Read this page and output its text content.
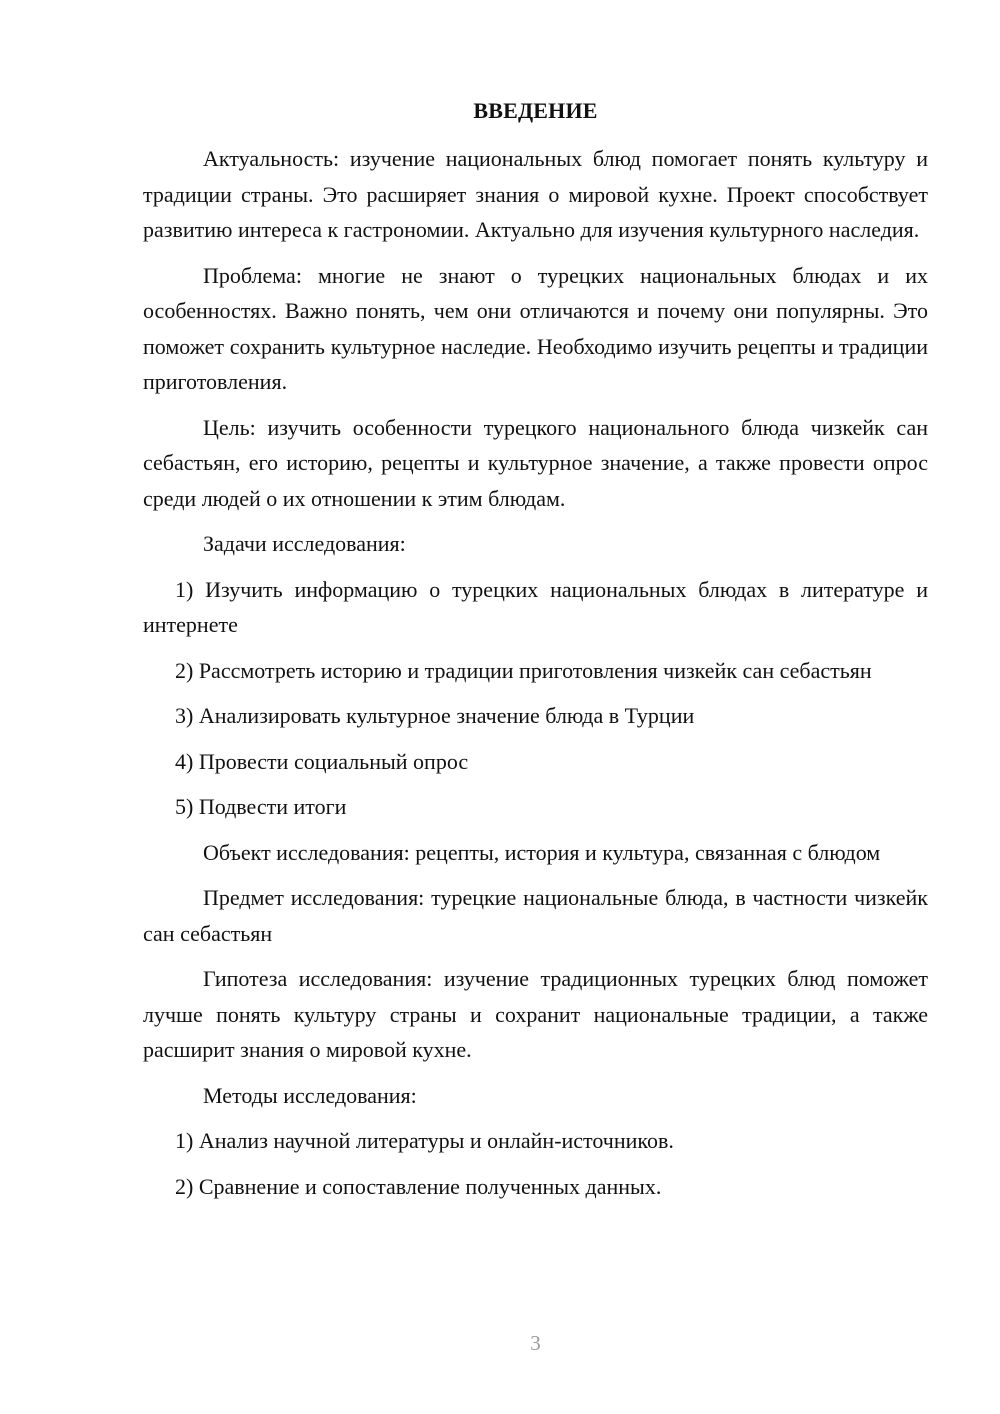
ВВЕДЕНИЕ

Актуальность: изучение национальных блюд помогает понять культуру и традиции страны. Это расширяет знания о мировой кухне. Проект способствует развитию интереса к гастрономии. Актуально для изучения культурного наследия.

Проблема: многие не знают о турецких национальных блюдах и их особенностях. Важно понять, чем они отличаются и почему они популярны. Это поможет сохранить культурное наследие. Необходимо изучить рецепты и традиции приготовления.

Цель: изучить особенности турецкого национального блюда чизкейк сан себастьян, его историю, рецепты и культурное значение, а также провести опрос среди людей о их отношении к этим блюдам.

Задачи исследования:

1) Изучить информацию о турецких национальных блюдах в литературе и интернете

2) Рассмотреть историю и традиции приготовления чизкейк сан себастьян

3) Анализировать культурное значение блюда в Турции

4) Провести социальный опрос

5) Подвести итоги

Объект исследования: рецепты, история и культура, связанная с блюдом

Предмет исследования: турецкие национальные блюда, в частности чизкейк сан себастьян

Гипотеза исследования: изучение традиционных турецких блюд поможет лучше понять культуру страны и сохранит национальные традиции, а также расширит знания о мировой кухне.

Методы исследования:

1) Анализ научной литературы и онлайн-источников.

2) Сравнение и сопоставление полученных данных.

3
